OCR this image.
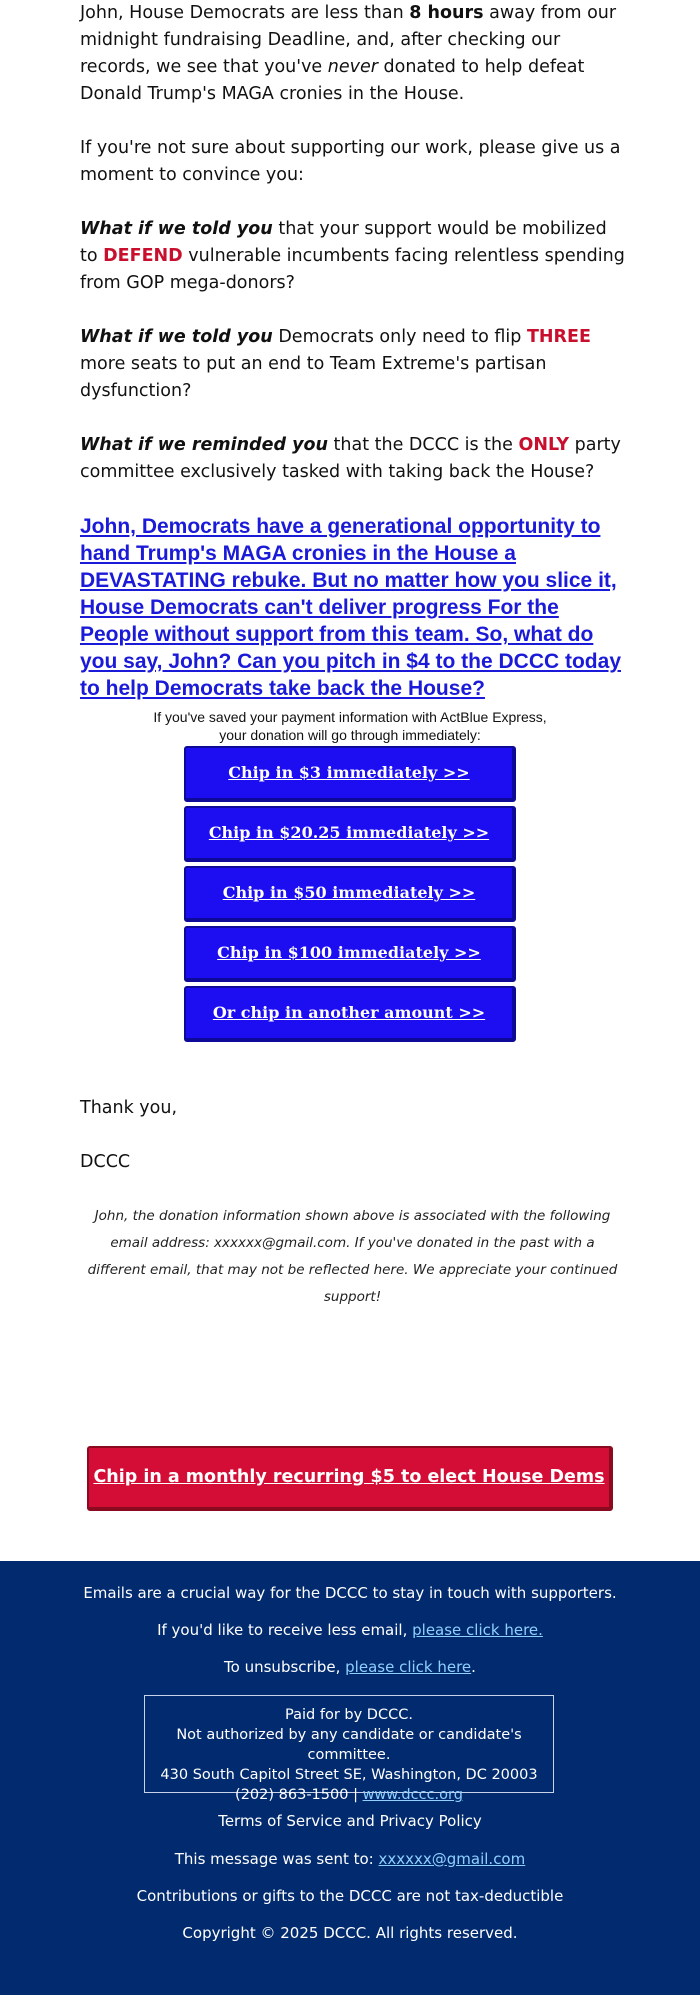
John, House Democrats are less than 8 hours away from our midnight fundraising Deadline, and, after checking our records, we see that you've never donated to help defeat Donald Trump's MAGA cronies in the House.

If you're not sure about supporting our work, please give us a moment to convince you:

What if we told you that your support would be mobilized to DEFEND vulnerable incumbents facing relentless spending from GOP mega-donors?

What if we told you Democrats only need to flip THREE more seats to put an end to Team Extreme's partisan dysfunction?

What if we reminded you that the DCCC is the ONLY party committee exclusively tasked with taking back the House?

John, Democrats have a generational opportunity to hand Trump's MAGA cronies in the House a DEVASTATING rebuke. But no matter how you slice it, House Democrats can't deliver progress For the People without support from this team. So, what do you say, John? Can you pitch in $4 to the DCCC today to help Democrats take back the House?
If you've saved your payment information with ActBlue Express,
your donation will go through immediately:
Chip in $3 immediately >>
Chip in $20.25 immediately >>
Chip in $50 immediately >>
Chip in $100 immediately >>
Or chip in another amount >>
Thank you,
DCCC
John, the donation information shown above is associated with the following email address: xxxxxx@gmail.com. If you've donated in the past with a different email, that may not be reflected here. We appreciate your continued support!
Chip in a monthly recurring $5 to elect House Dems >>
Emails are a crucial way for the DCCC to stay in touch with supporters.
If you'd like to receive less email, please click here.
To unsubscribe, please click here.
Paid for by DCCC.
Not authorized by any candidate or candidate's committee.
430 South Capitol Street SE, Washington, DC 20003
(202) 863-1500 | www.dccc.org
Terms of Service and Privacy Policy
This message was sent to: xxxxxx@gmail.com
Contributions or gifts to the DCCC are not tax-deductible
Copyright © 2025 DCCC. All rights reserved.
